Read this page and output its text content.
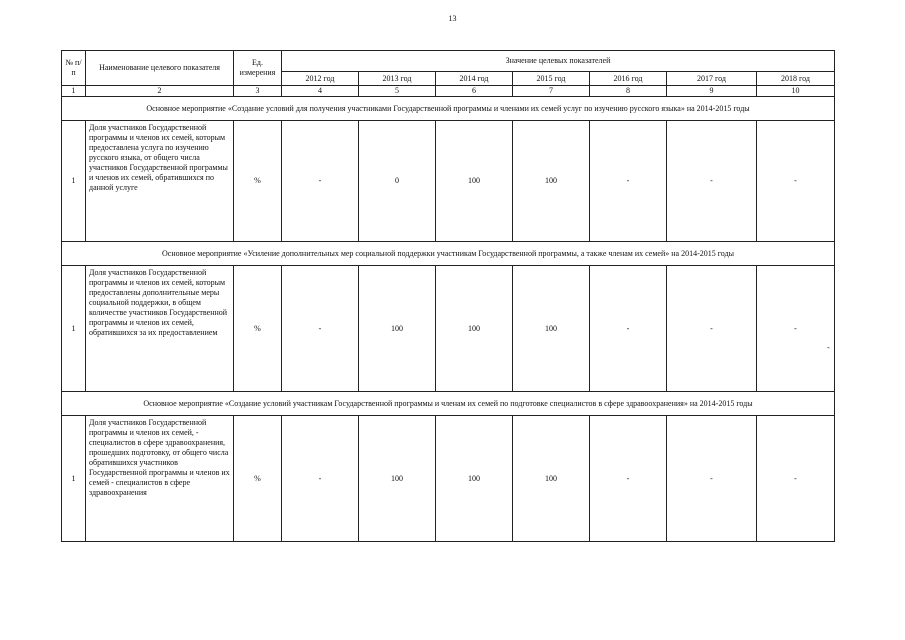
13
№ п/п	Наименование целевого показателя	Ед. измерения	Значение целевых показателей						
			2012 год	2013 год	2014 год	2015 год	2016 год	2017 год	2018 год
1	2	3	4	5	6	7	8	9	10
Основное мероприятие «Создание условий для получения участниками Государственной программы и членами их семей услуг по изучению русского языка» на 2014-2015 годы									
1	Доля участников Государственной программы и членов их семей, которым предоставлена услуга по изучению русского языка, от общего числа участников Государственной программы и членов их семей, обратившихся по данной услуге	%	-	0	100	100	-	-	-
Основное мероприятие «Усиление дополнительных мер социальной поддержки участникам Государственной программы, а также членам их семей» на 2014-2015 годы									
1	Доля участников Государственной программы и членов их семей, которым предоставлены дополнительные меры социальной поддержки, в общем количестве участников Государственной программы и членов их семей, обратившихся за их предоставлением	%	-	100	100	100	-	-	-
Основное мероприятие «Создание условий участникам Государственной программы и членам их семей по подготовке специалистов в сфере здравоохранения» на 2014-2015 годы									
1	Доля участников Государственной программы и членов их семей, - специалистов в сфере здравоохранения, прошедших подготовку, от общего числа обратившихся участников Государственной программы и членов их семей - специалистов в сфере здравоохранения	%	-	100	100	100	-	-	-
-
